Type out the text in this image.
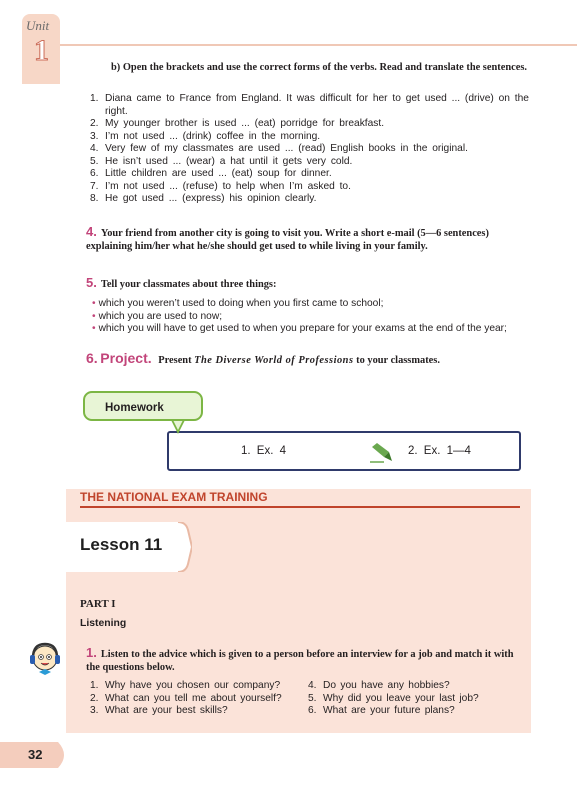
Unit
1
b) Open the brackets and use the correct forms of the verbs. Read and translate the sentences.
1. Diana came to France from England. It was difficult for her to get used ... (drive) on the right.
2. My younger brother is used ... (eat) porridge for breakfast.
3. I’m not used ... (drink) coffee in the morning.
4. Very few of my classmates are used ... (read) English books in the original.
5. He isn’t used ... (wear) a hat until it gets very cold.
6. Little children are used ... (eat) soup for dinner.
7. I’m not used ... (refuse) to help when I’m asked to.
8. He got used ... (express) his opinion clearly.
4. Your friend from another city is going to visit you. Write a short e-mail (5—6 sentences) explaining him/her what he/she should get used to while living in your family.
5. Tell your classmates about three things:
• which you weren’t used to doing when you first came to school;
• which you are used to now;
• which you will have to get used to when you prepare for your exams at the end of the year;
6. Project. Present The Diverse World of Professions to your classmates.
Homework
1. Ex. 4	2. Ex. 1—4
THE NATIONAL EXAM TRAINING
Lesson 11
PART I
Listening
1. Listen to the advice which is given to a person before an interview for a job and match it with the questions below.
1. Why have you chosen our company?
2. What can you tell me about yourself?
3. What are your best skills?
4. Do you have any hobbies?
5. Why did you leave your last job?
6. What are your future plans?
32
